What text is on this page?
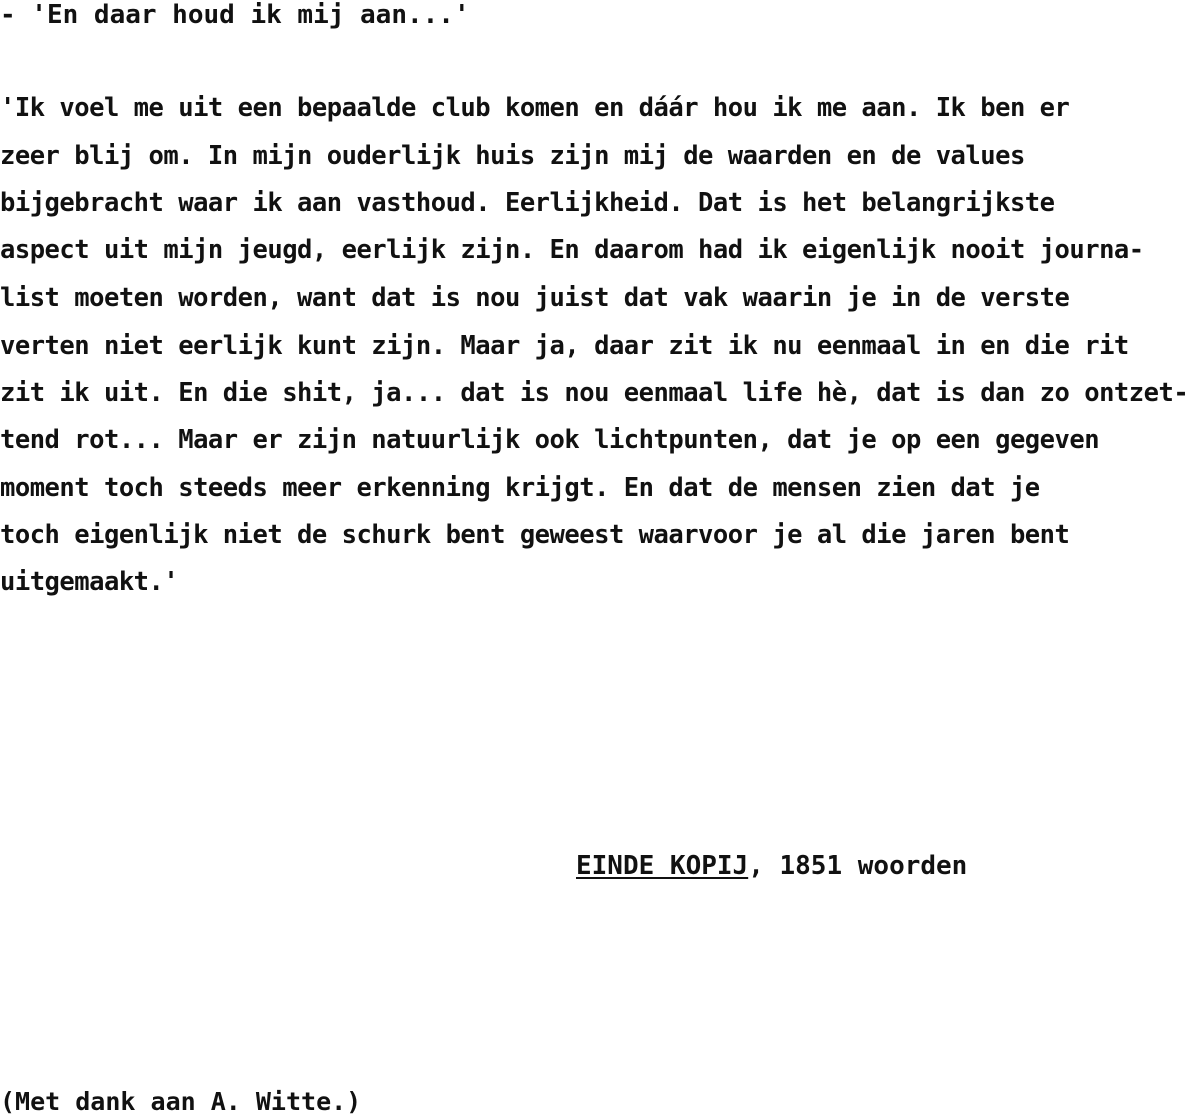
- 'En daar houd ik mij aan...'
'Ik voel me uit een bepaalde club komen en dáár hou ik me aan. Ik ben er
zeer blij om. In mijn ouderlijk huis zijn mij de waarden en de values
bijgebracht waar ik aan vasthoud. Eerlijkheid. Dat is het belangrijkste
aspect uit mijn jeugd, eerlijk zijn. En daarom had ik eigenlijk nooit journa-
list moeten worden, want dat is nou juist dat vak waarin je in de verste
verten niet eerlijk kunt zijn. Maar ja, daar zit ik nu eenmaal in en die rit
zit ik uit. En die shit, ja... dat is nou eenmaal life hè, dat is dan zo ontzet-
tend rot... Maar er zijn natuurlijk ook lichtpunten, dat je op een gegeven
moment toch steeds meer erkenning krijgt. En dat de mensen zien dat je
toch eigenlijk niet de schurk bent geweest waarvoor je al die jaren bent
uitgemaakt.'
EINDE KOPIJ, 1851 woorden
(Met dank aan A. Witte.)
